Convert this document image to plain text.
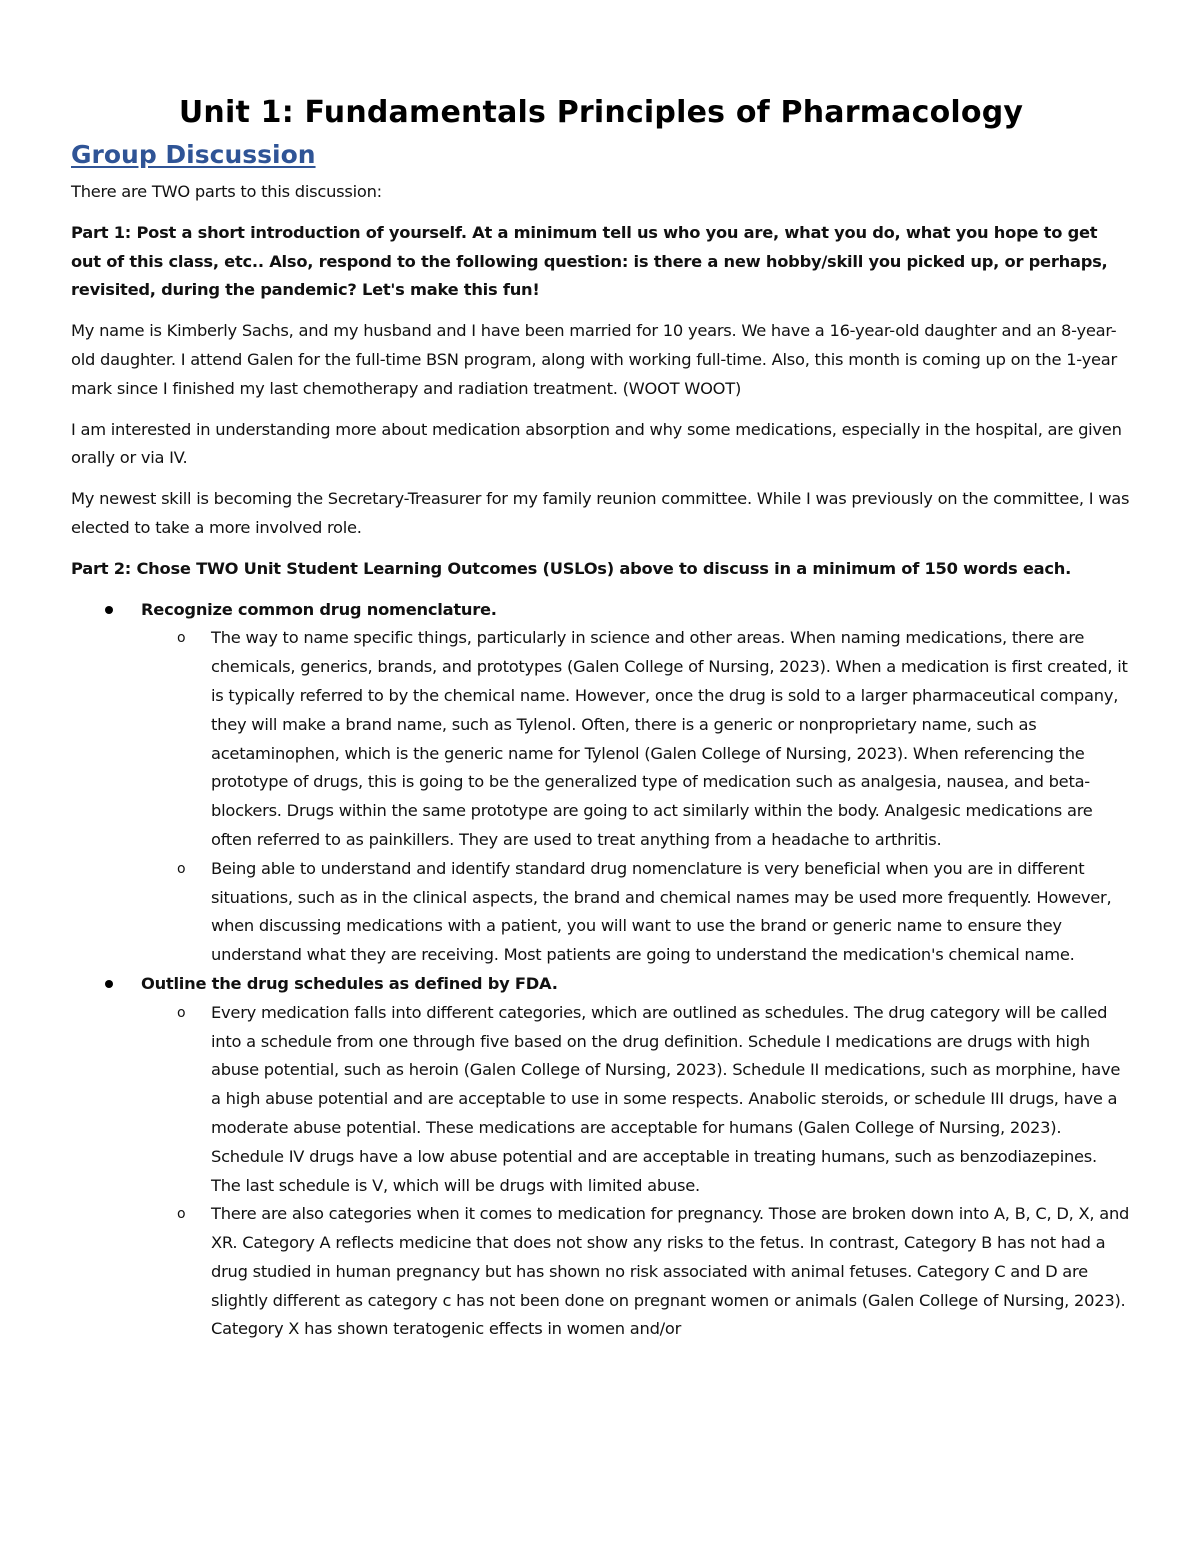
Unit 1: Fundamentals Principles of Pharmacology
Group Discussion

There are TWO parts to this discussion:

Part 1: Post a short introduction of yourself. At a minimum tell us who you are, what you do, what you hope to get out of this class, etc.. Also, respond to the following question: is there a new hobby/skill you picked up, or perhaps, revisited, during the pandemic? Let's make this fun!

My name is Kimberly Sachs, and my husband and I have been married for 10 years. We have a 16-year-old daughter and an 8-year-old daughter. I attend Galen for the full-time BSN program, along with working full-time. Also, this month is coming up on the 1-year mark since I finished my last chemotherapy and radiation treatment. (WOOT WOOT)

I am interested in understanding more about medication absorption and why some medications, especially in the hospital, are given orally or via IV.

My newest skill is becoming the Secretary-Treasurer for my family reunion committee. While I was previously on the committee, I was elected to take a more involved role.

Part 2: Chose TWO Unit Student Learning Outcomes (USLOs) above to discuss in a minimum of 150 words each.

Recognize common drug nomenclature.
o The way to name specific things, particularly in science and other areas. When naming medications, there are chemicals, generics, brands, and prototypes (Galen College of Nursing, 2023). When a medication is first created, it is typically referred to by the chemical name. However, once the drug is sold to a larger pharmaceutical company, they will make a brand name, such as Tylenol. Often, there is a generic or nonproprietary name, such as acetaminophen, which is the generic name for Tylenol (Galen College of Nursing, 2023). When referencing the prototype of drugs, this is going to be the generalized type of medication such as analgesia, nausea, and beta-blockers. Drugs within the same prototype are going to act similarly within the body. Analgesic medications are often referred to as painkillers. They are used to treat anything from a headache to arthritis.
o Being able to understand and identify standard drug nomenclature is very beneficial when you are in different situations, such as in the clinical aspects, the brand and chemical names may be used more frequently. However, when discussing medications with a patient, you will want to use the brand or generic name to ensure they understand what they are receiving. Most patients are going to understand the medication's chemical name.
Outline the drug schedules as defined by FDA.
o Every medication falls into different categories, which are outlined as schedules. The drug category will be called into a schedule from one through five based on the drug definition. Schedule I medications are drugs with high abuse potential, such as heroin (Galen College of Nursing, 2023). Schedule II medications, such as morphine, have a high abuse potential and are acceptable to use in some respects. Anabolic steroids, or schedule III drugs, have a moderate abuse potential. These medications are acceptable for humans (Galen College of Nursing, 2023). Schedule IV drugs have a low abuse potential and are acceptable in treating humans, such as benzodiazepines. The last schedule is V, which will be drugs with limited abuse.
o There are also categories when it comes to medication for pregnancy. Those are broken down into A, B, C, D, X, and XR. Category A reflects medicine that does not show any risks to the fetus. In contrast, Category B has not had a drug studied in human pregnancy but has shown no risk associated with animal fetuses. Category C and D are slightly different as category c has not been done on pregnant women or animals (Galen College of Nursing, 2023). Category X has shown teratogenic effects in women and/or
